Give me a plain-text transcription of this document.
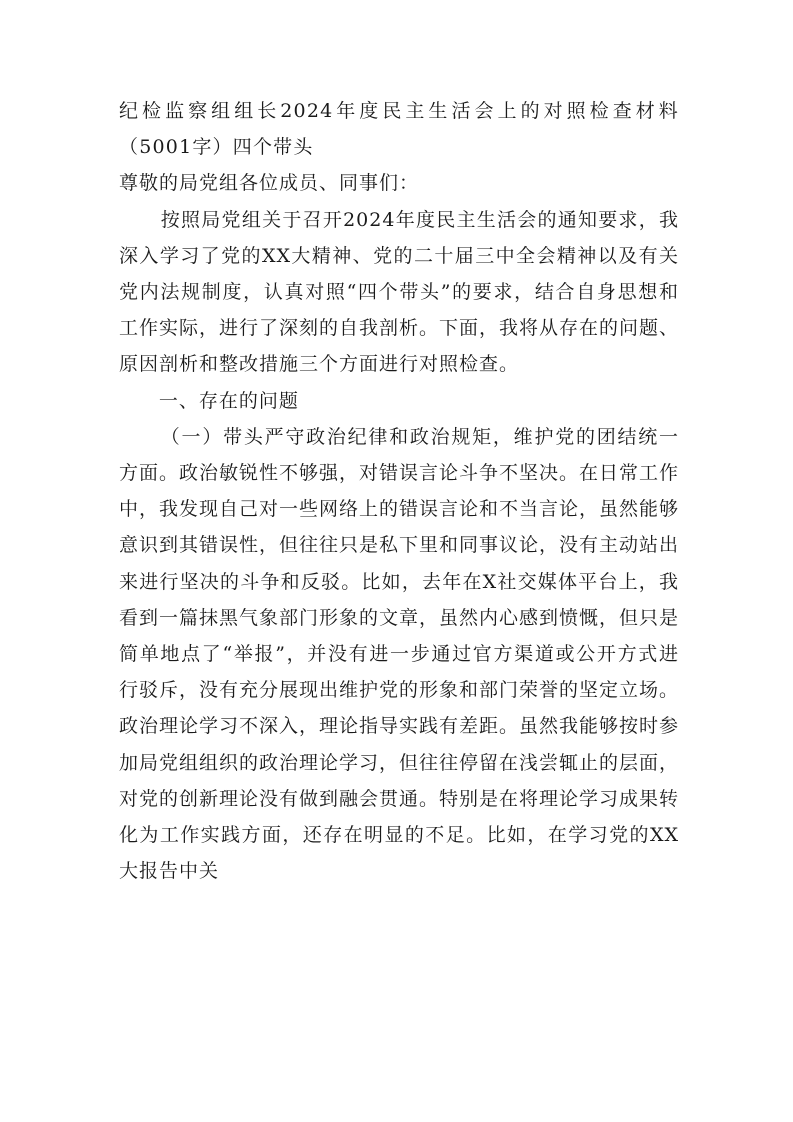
纪检监察组组长2024年度民主生活会上的对照检查材料（5001字）四个带头

尊敬的局党组各位成员、同事们：

按照局党组关于召开2024年度民主生活会的通知要求，我深入学习了党的XX大精神、党的二十届三中全会精神以及有关党内法规制度，认真对照“四个带头”的要求，结合自身思想和工作实际，进行了深刻的自我剖析。下面，我将从存在的问题、原因剖析和整改措施三个方面进行对照检查。

一、存在的问题

（一）带头严守政治纪律和政治规矩，维护党的团结统一方面。政治敏锐性不够强，对错误言论斗争不坚决。在日常工作中，我发现自己对一些网络上的错误言论和不当言论，虽然能够意识到其错误性，但往往只是私下里和同事议论，没有主动站出来进行坚决的斗争和反驳。比如，去年在X社交媒体平台上，我看到一篇抹黑气象部门形象的文章，虽然内心感到愤慨，但只是简单地点了“举报”，并没有进一步通过官方渠道或公开方式进行驳斥，没有充分展现出维护党的形象和部门荣誉的坚定立场。政治理论学习不深入，理论指导实践有差距。虽然我能够按时参加局党组组织的政治理论学习，但往往停留在浅尝辄止的层面，对党的创新理论没有做到融会贯通。特别是在将理论学习成果转化为工作实践方面，还存在明显的不足。比如，在学习党的XX大报告中关
